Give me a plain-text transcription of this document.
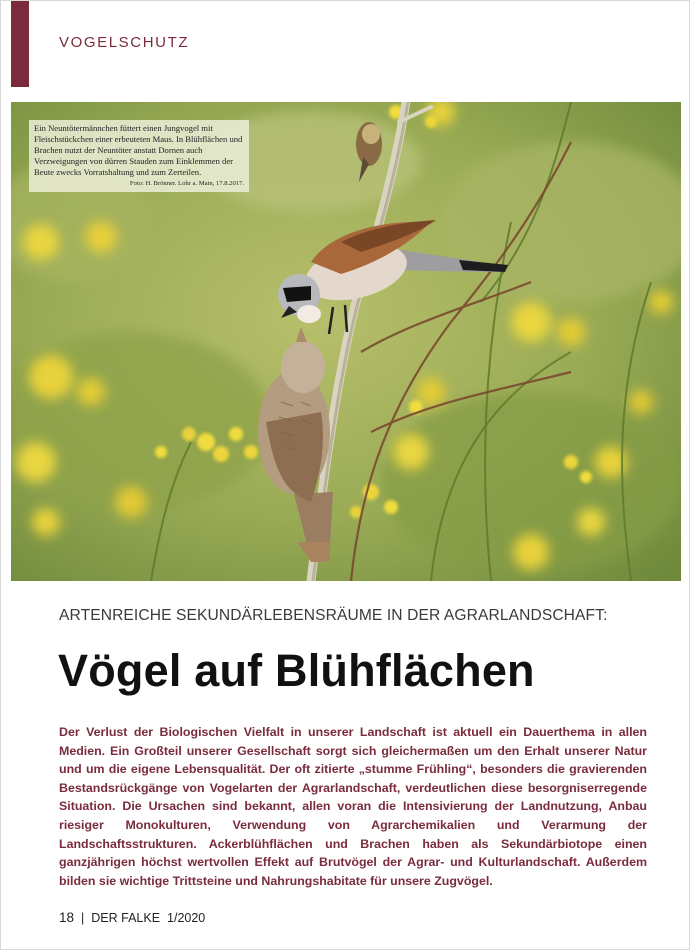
VOGELSCHUTZ
Ein Neuntötermännchen füttert einen Jungvogel mit Fleischstückchen einer erbeuteten Maus. In Blühflächen und Brachen nutzt der Neuntöter anstatt Dornen auch Verzweigungen von dürren Stauden zum Einklemmen der Beute zwecks Vorratshaltung und zum Zerteilen.
Foto: H. Brönner. Lohr a. Main, 17.8.2017.
ARTENREICHE SEKUNDÄRLEBENSRÄUME IN DER AGRARLANDSCHAFT:
Vögel auf Blühflächen

Der Verlust der Biologischen Vielfalt in unserer Landschaft ist aktuell ein Dauerthema in allen Medien. Ein Großteil unserer Gesellschaft sorgt sich gleichermaßen um den Erhalt unserer Natur und um die eigene Lebensqualität. Der oft zitierte „stumme Frühling“, besonders die gravierenden Bestandsrückgänge von Vogelarten der Agrarlandschaft, verdeutlichen diese besorgniserregende Situation. Die Ursachen sind bekannt, allen voran die Intensivierung der Landnutzung, Anbau riesiger Monokulturen, Verwendung von Agrarchemikalien und Verarmung der Landschaftsstrukturen. Ackerblühflächen und Brachen haben als Sekundärbiotope einen ganzjährigen höchst wertvollen Effekt auf Brutvögel der Agrar- und Kulturlandschaft. Außerdem bilden sie wichtige Trittsteine und Nahrungshabitate für unsere Zugvögel.

18 | DER FALKE 1/2020
